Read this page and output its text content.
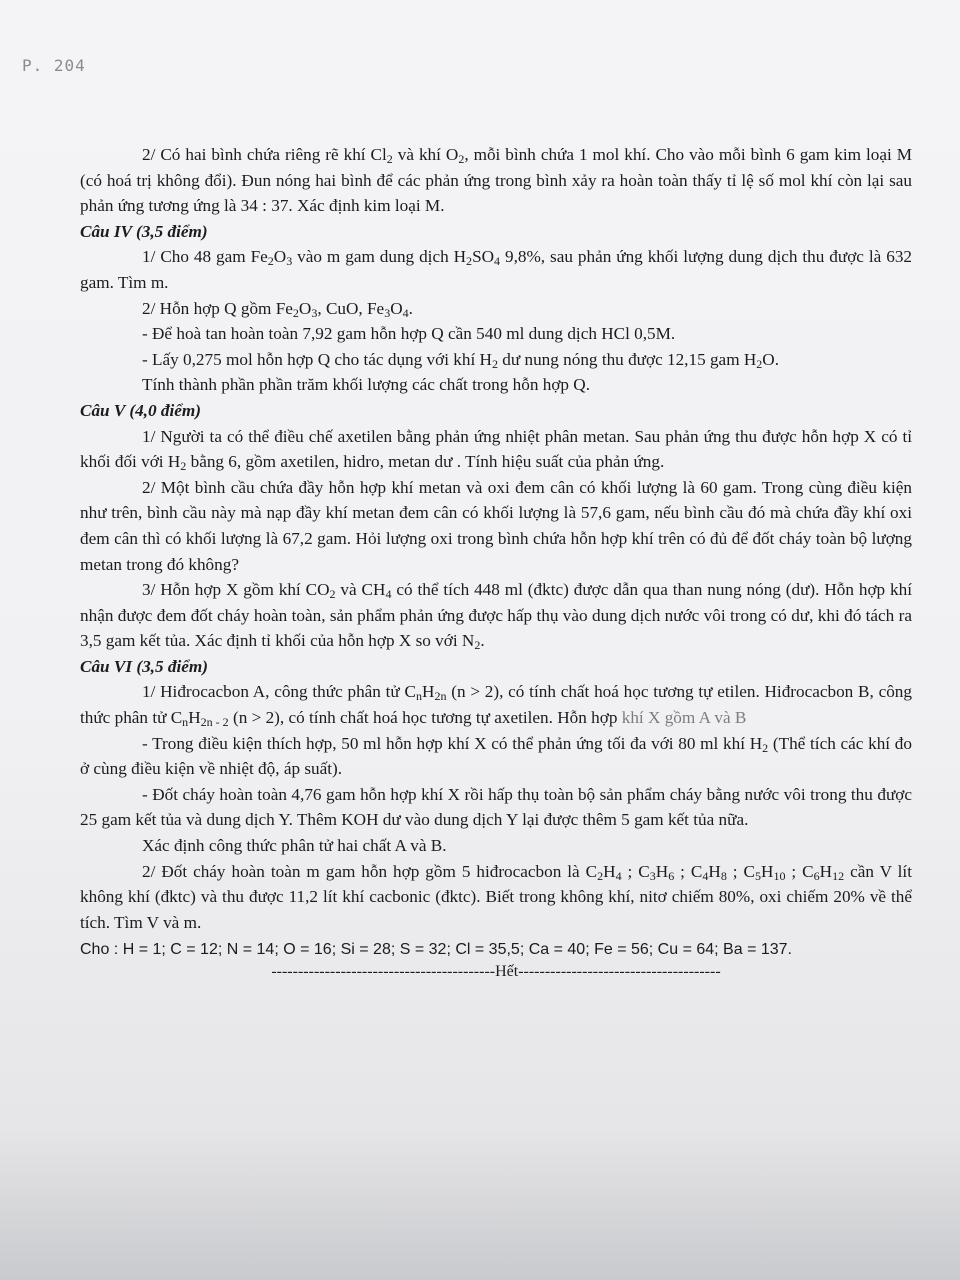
P. 204

2/ Có hai bình chứa riêng rẽ khí $Cl_2$ và khí $O_2$, mỗi bình chứa 1 mol khí. Cho vào mỗi bình 6 gam kim loại M (có hoá trị không đổi). Đun nóng hai bình để các phản ứng trong bình xảy ra hoàn toàn thấy tỉ lệ số mol khí còn lại sau phản ứng tương ứng là 34 : 37. Xác định kim loại M.

Câu IV (3,5 điểm)

1/ Cho 48 gam $Fe_2O_3$ vào m gam dung dịch $H_2SO_4$ 9,8%, sau phản ứng khối lượng dung dịch thu được là 632 gam. Tìm m.

2/ Hỗn hợp Q gồm $Fe_2O_3$, CuO, $Fe_3O_4$.

- Để hoà tan hoàn toàn 7,92 gam hỗn hợp Q cần 540 ml dung dịch HCl 0,5M.

- Lấy 0,275 mol hỗn hợp Q cho tác dụng với khí $H_2$ dư nung nóng thu được 12,15 gam $H_2O$.

Tính thành phần phần trăm khối lượng các chất trong hỗn hợp Q.

Câu V (4,0 điểm)

1/ Người ta có thể điều chế axetilen bằng phản ứng nhiệt phân metan. Sau phản ứng thu được hỗn hợp X có tỉ khối đối với $H_2$ bằng 6, gồm axetilen, hidro, metan dư . Tính hiệu suất của phản ứng.

2/ Một bình cầu chứa đầy hỗn hợp khí metan và oxi đem cân có khối lượng là 60 gam. Trong cùng điều kiện như trên, bình cầu này mà nạp đầy khí metan đem cân có khối lượng là 57,6 gam, nếu bình cầu đó mà chứa đầy khí oxi đem cân thì có khối lượng là 67,2 gam. Hỏi lượng oxi trong bình chứa hỗn hợp khí trên có đủ để đốt cháy toàn bộ lượng metan trong đó không?

3/ Hỗn hợp X gồm khí $CO_2$ và $CH_4$ có thể tích 448 ml (đktc) được dẫn qua than nung nóng (dư). Hỗn hợp khí nhận được đem đốt cháy hoàn toàn, sản phẩm phản ứng được hấp thụ vào dung dịch nước vôi trong có dư, khi đó tách ra 3,5 gam kết tủa. Xác định tỉ khối của hỗn hợp X so với $N_2$.

Câu VI (3,5 điểm)

1/ Hiđrocacbon A, công thức phân tử $C_nH_{2n}$ (n > 2), có tính chất hoá học tương tự etilen. Hiđrocacbon B, công thức phân tử $C_nH_{2n - 2}$ (n > 2), có tính chất hoá học tương tự axetilen. Hỗn hợp khí X gồm A và B

- Trong điều kiện thích hợp, 50 ml hỗn hợp khí X có thể phản ứng tối đa với 80 ml khí $H_2$ (Thể tích các khí đo ở cùng điều kiện về nhiệt độ, áp suất).

- Đốt cháy hoàn toàn 4,76 gam hỗn hợp khí X rồi hấp thụ toàn bộ sản phẩm cháy bằng nước vôi trong thu được 25 gam kết tủa và dung dịch Y. Thêm KOH dư vào dung dịch Y lại được thêm 5 gam kết tủa nữa.

Xác định công thức phân tử hai chất A và B.

2/ Đốt cháy hoàn toàn m gam hỗn hợp gồm 5 hiđrocacbon là $C_2H_4$ ; $C_3H_6$ ; $C_4H_8$ ; $C_5H_{10}$ ; $C_6H_{12}$ cần V lít không khí (đktc) và thu được 11,2 lít khí cacbonic (đktc). Biết trong không khí, nitơ chiếm 80%, oxi chiếm 20% về thể tích. Tìm V và m.

Cho : H = 1; C = 12; N = 14; O = 16; Si = 28; S = 32; Cl = 35,5; Ca = 40; Fe = 56; Cu = 64; Ba = 137.

------------------------------------------Hết--------------------------------------
